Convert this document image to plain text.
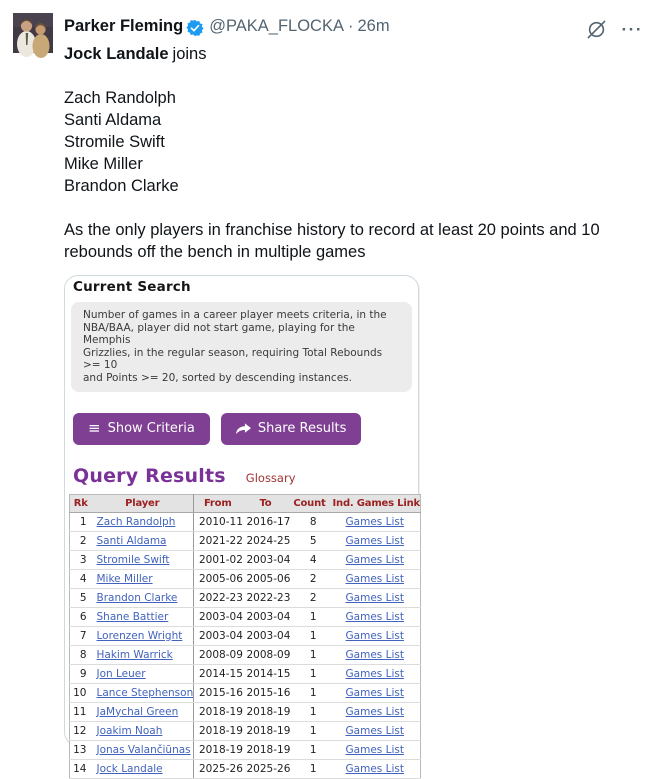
Parker Fleming @PAKA_FLOCKA · 26m	···
Jock Landale joins
Zach Randolph
Santi Aldama
Stromile Swift
Mike Miller
Brandon Clarke
As the only players in franchise history to record at least 20 points and 10 rebounds off the bench in multiple games
Current Search
Number of games in a career player meets criteria, in the
NBA/BAA, player did not start game, playing for the Memphis
Grizzlies, in the regular season, requiring Total Rebounds >= 10
and Points >= 20, sorted by descending instances.
≡ Show Criteria	Share Results
Query Results Glossary
Rk	Player	From	To	Count	Ind. Games Link
1	Zach Randolph	2010-11	2016-17	8	Games List
2	Santi Aldama	2021-22	2024-25	5	Games List
3	Stromile Swift	2001-02	2003-04	4	Games List
4	Mike Miller	2005-06	2005-06	2	Games List
5	Brandon Clarke	2022-23	2022-23	2	Games List
6	Shane Battier	2003-04	2003-04	1	Games List
7	Lorenzen Wright	2003-04	2003-04	1	Games List
8	Hakim Warrick	2008-09	2008-09	1	Games List
9	Jon Leuer	2014-15	2014-15	1	Games List
10	Lance Stephenson	2015-16	2015-16	1	Games List
11	JaMychal Green	2018-19	2018-19	1	Games List
12	Joakim Noah	2018-19	2018-19	1	Games List
13	Jonas Valančiūnas	2018-19	2018-19	1	Games List
14	Jock Landale	2025-26	2025-26	1	Games List
